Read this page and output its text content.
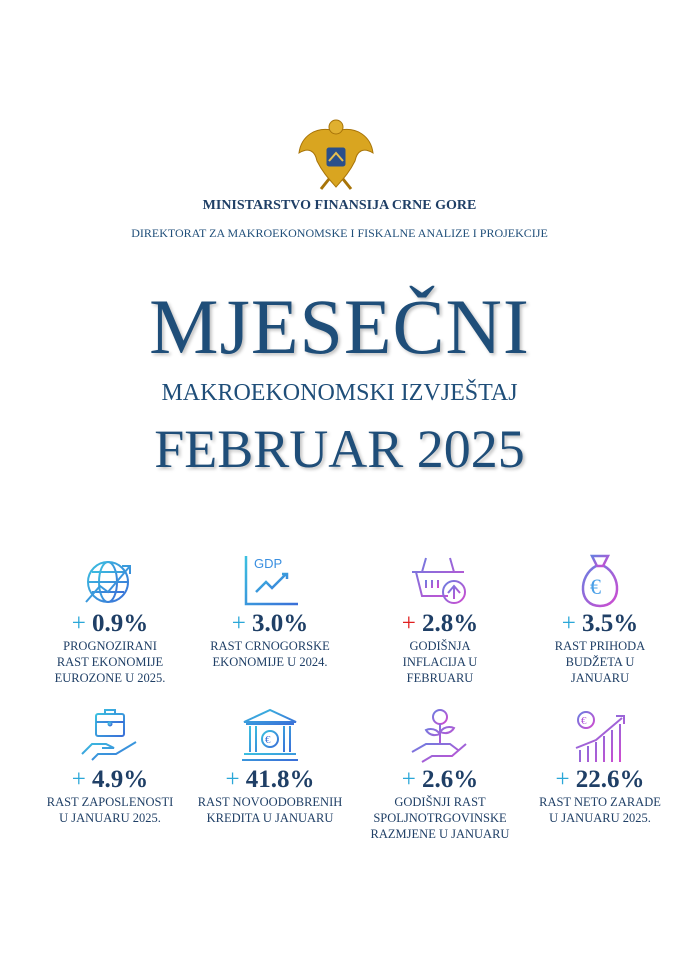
MINISTARSTVO FINANSIJA CRNE GORE
DIREKTORAT ZA MAKROEKONOMSKE I FISKALNE ANALIZE I PROJEKCIJE
MJESEČNI
MAKROEKONOMSKI IZVJEŠTAJ
FEBRUAR 2025
+ 0.9%
PROGNOZIRANI
RAST EKONOMIJE
EUROZONE U 2025.
GDP
+ 3.0%
RAST CRNOGORSKE
EKONOMIJE U 2024.
+ 2.8%
GODIŠNJA
INFLACIJA U
FEBRUARU
€
+ 3.5%
RAST PRIHODA
BUDŽETA U
JANUARU
+ 4.9%
RAST ZAPOSLENOSTI
U JANUARU 2025.
€
+ 41.8%
RAST NOVOODOBRENIH
KREDITA U JANUARU
+ 2.6%
GODIŠNJI RAST
SPOLJNOTRGOVINSKE
RAZMJENE U JANUARU
€
+ 22.6%
RAST NETO ZARADE
U JANUARU 2025.
